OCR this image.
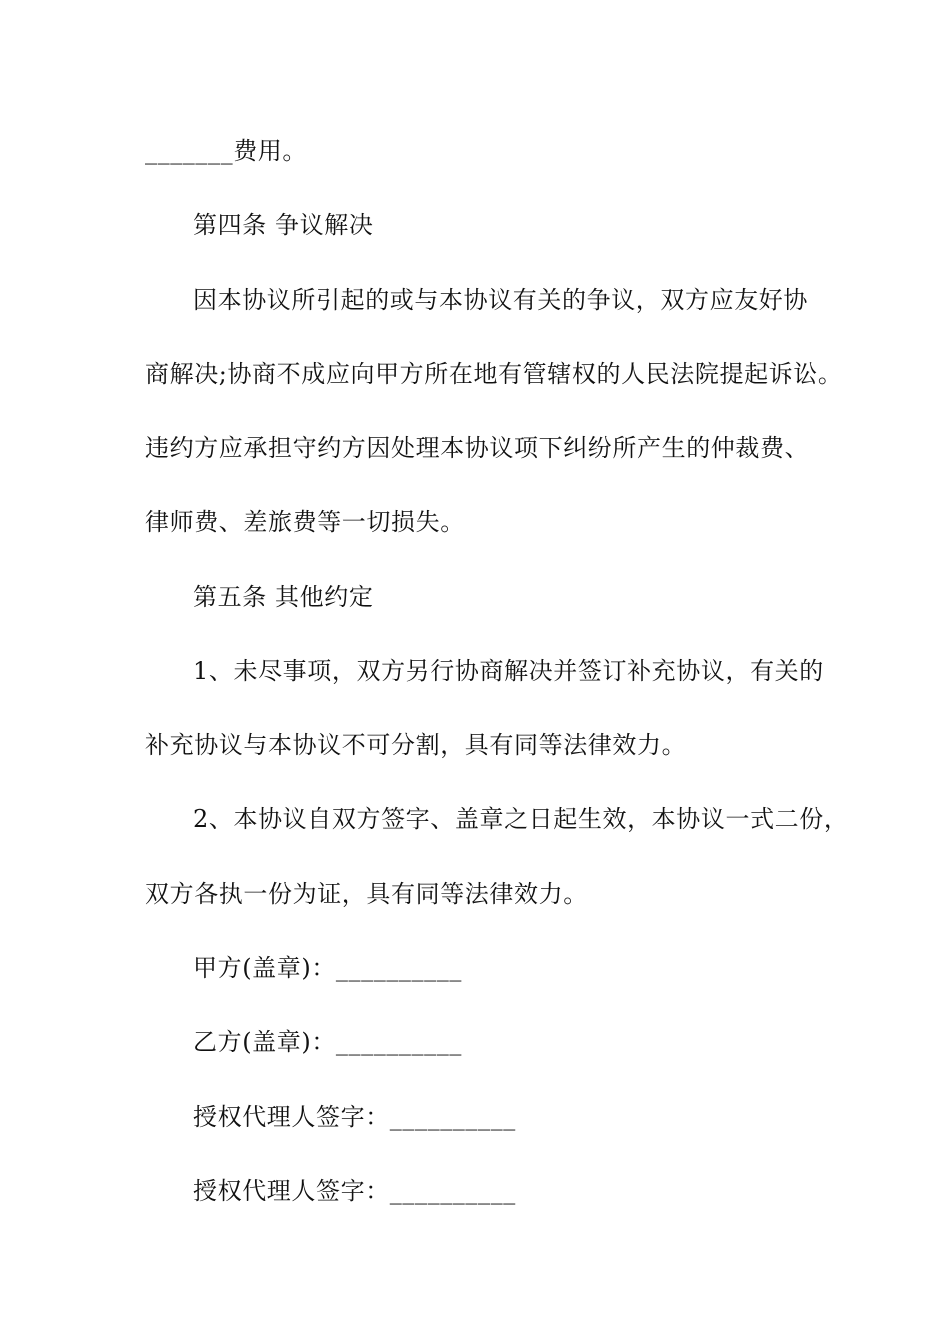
_______费用。
第四条 争议解决
因本协议所引起的或与本协议有关的争议，双方应友好协
商解决;协商不成应向甲方所在地有管辖权的人民法院提起诉讼。
违约方应承担守约方因处理本协议项下纠纷所产生的仲裁费、
律师费、差旅费等一切损失。
第五条 其他约定
1、未尽事项，双方另行协商解决并签订补充协议，有关的
补充协议与本协议不可分割，具有同等法律效力。
2、本协议自双方签字、盖章之日起生效，本协议一式二份，
双方各执一份为证，具有同等法律效力。
甲方(盖章)：__________
乙方(盖章)：__________
授权代理人签字：__________
授权代理人签字：__________
